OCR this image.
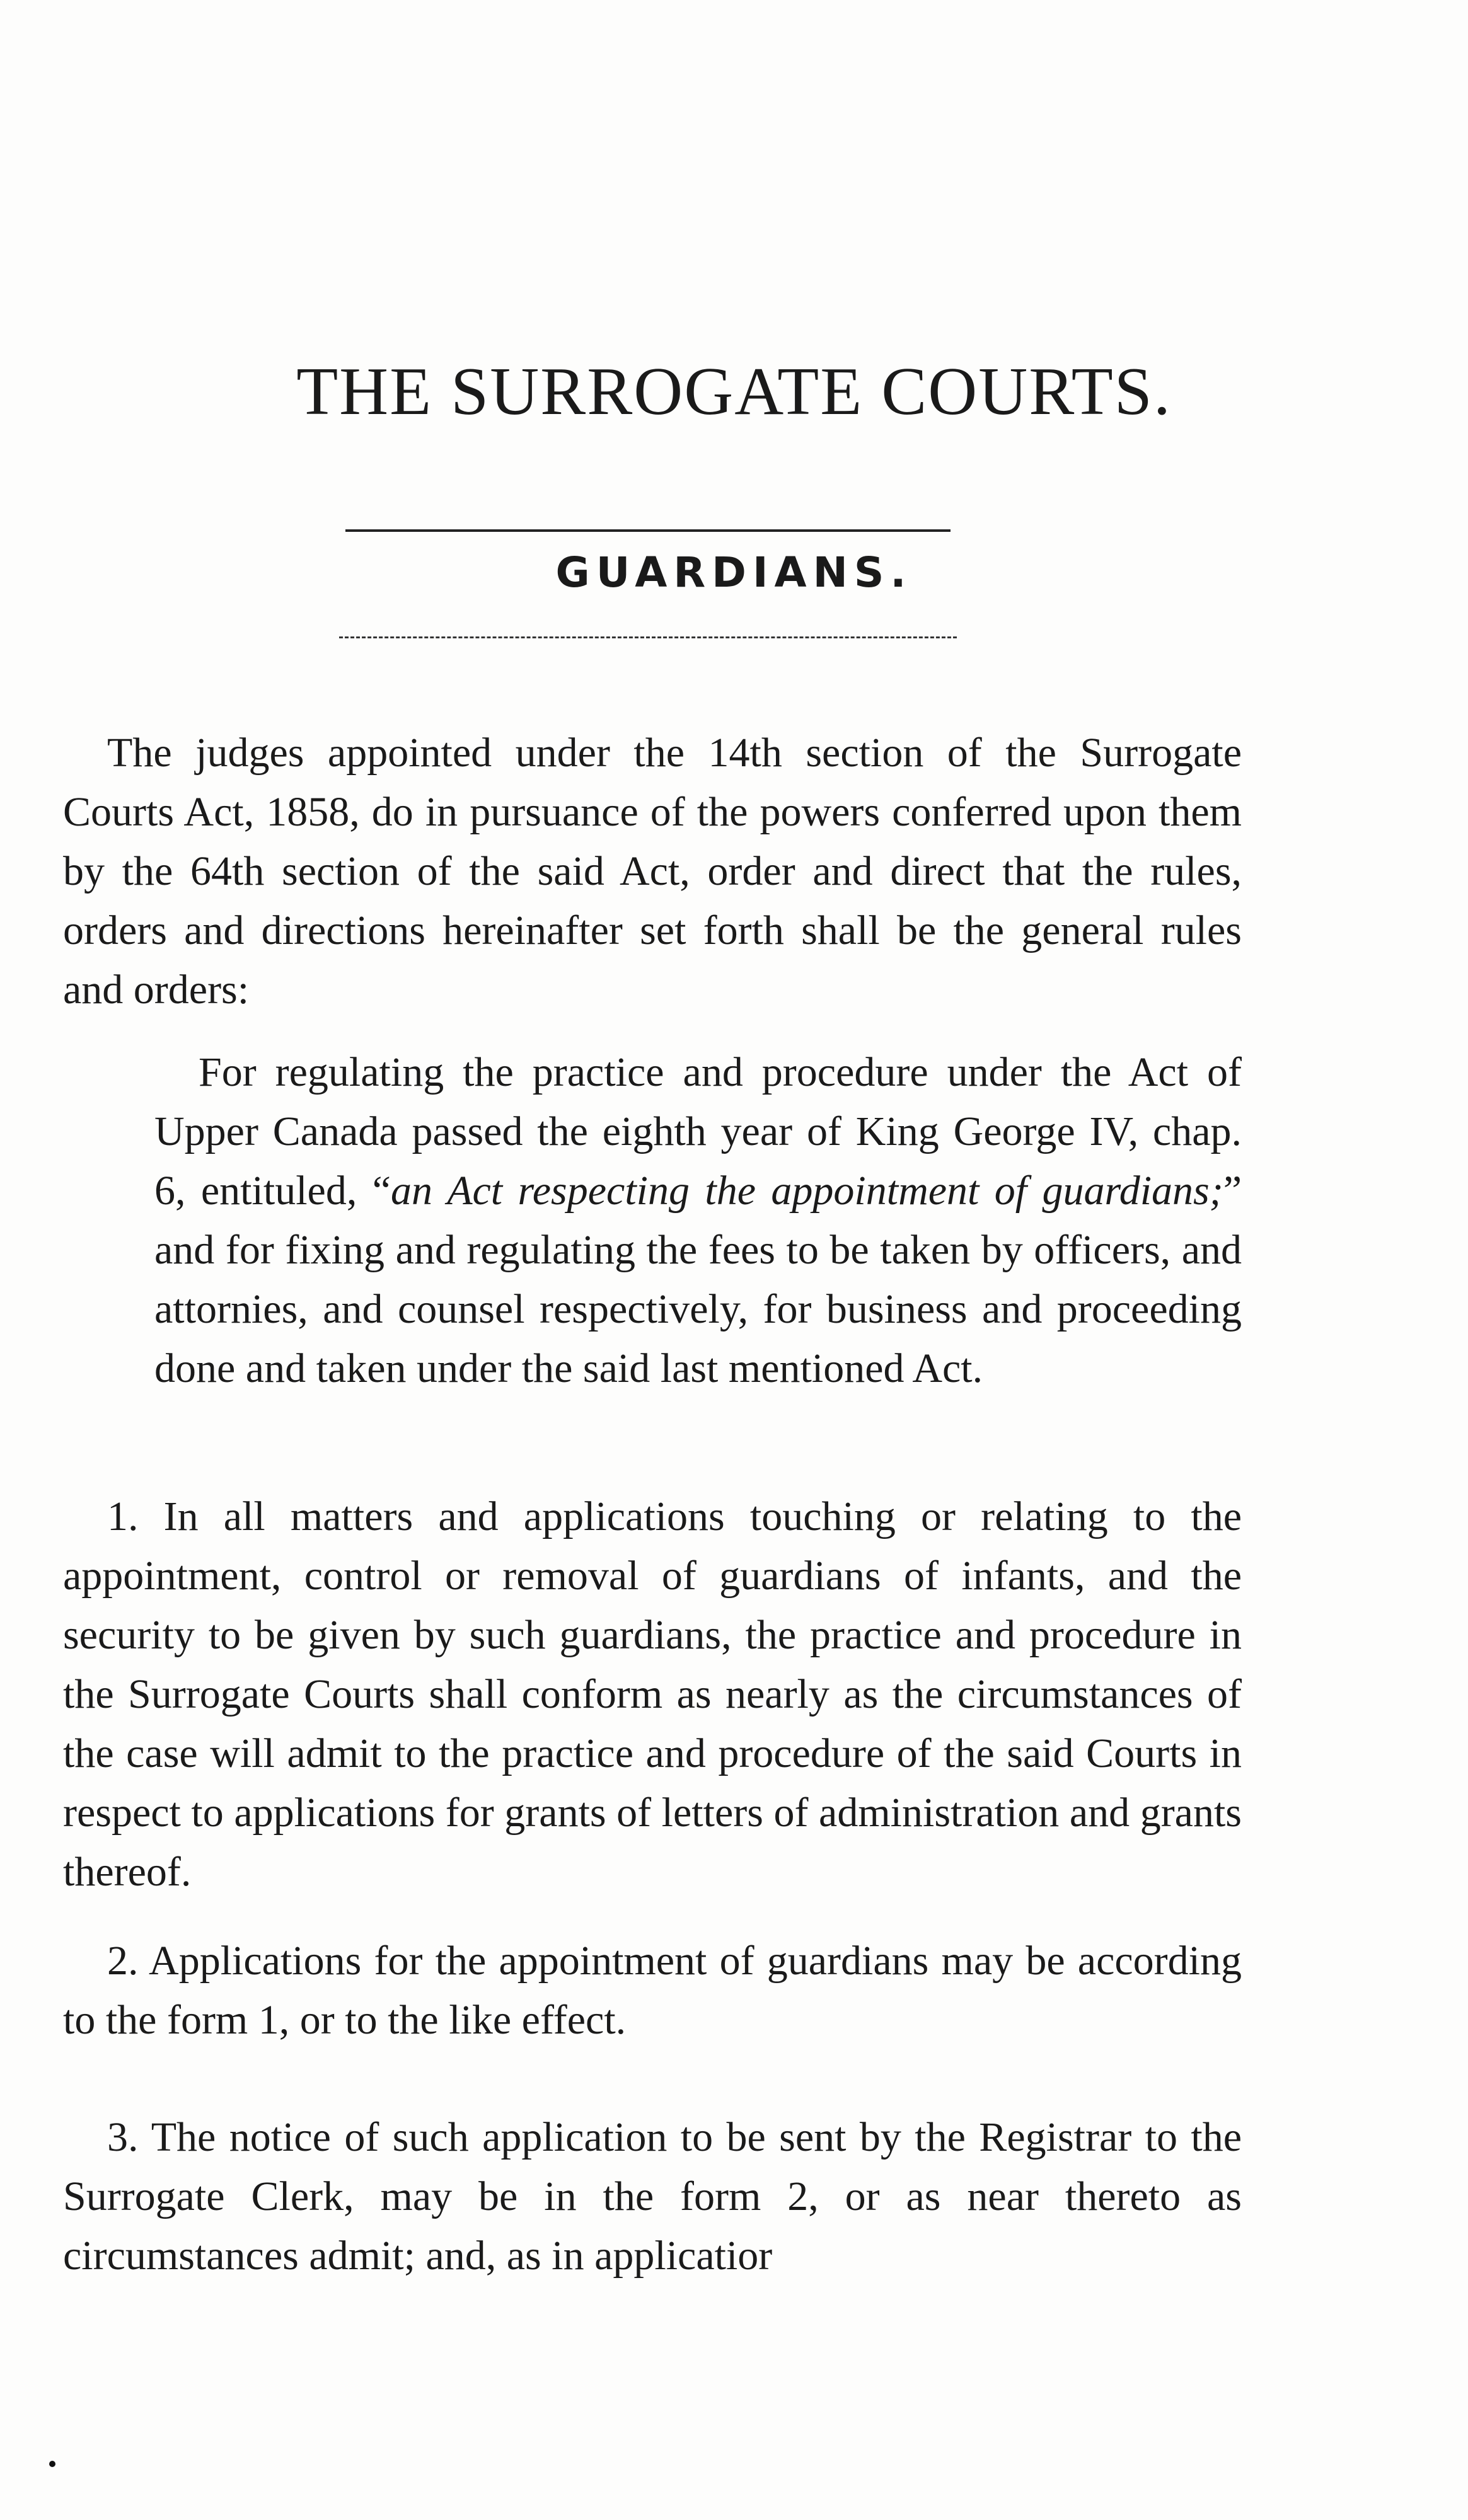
THE SURROGATE COURTS.
GUARDIANS.

The judges appointed under the 14th section of the Surrogate Courts Act, 1858, do in pursuance of the powers conferred upon them by the 64th section of the said Act, order and direct that the rules, orders and directions hereinafter set forth shall be the general rules and orders:

For regulating the practice and procedure under the Act of Upper Canada passed the eighth year of King George IV, chap. 6, entituled, “an Act respecting the appointment of guardians;” and for fixing and regulating the fees to be taken by officers, and attornies, and counsel respectively, for business and proceeding done and taken under the said last mentioned Act.

1. In all matters and applications touching or relating to the appointment, control or removal of guardians of infants, and the security to be given by such guardians, the practice and procedure in the Surrogate Courts shall conform as nearly as the circumstances of the case will admit to the practice and procedure of the said Courts in respect to applications for grants of letters of administration and grants thereof.

2. Applications for the appointment of guardians may be according to the form 1, or to the like effect.

3. The notice of such application to be sent by the Registrar to the Surrogate Clerk, may be in the form 2, or as near thereto as circumstances admit; and, as in applicatior
